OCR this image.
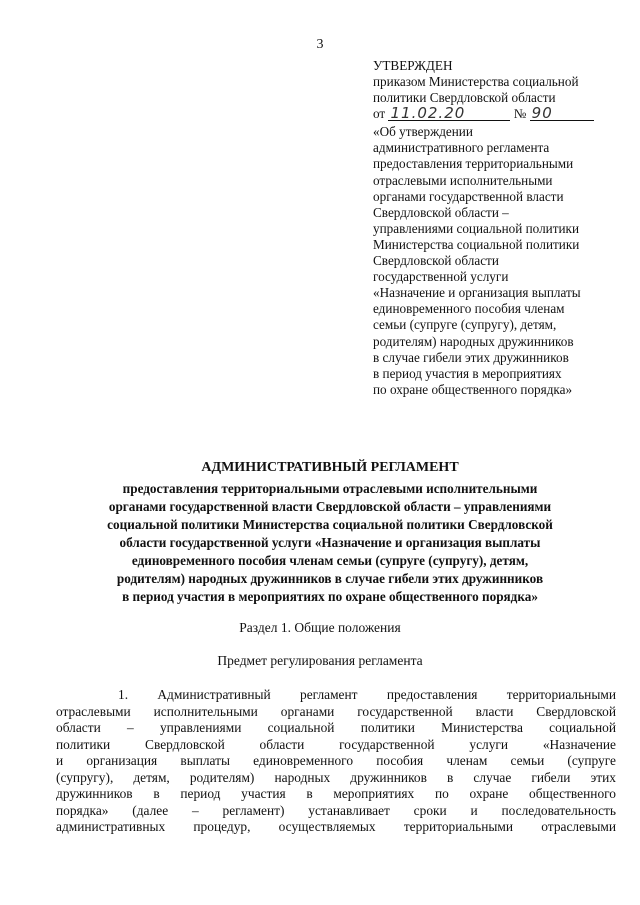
3
УТВЕРЖДЕН
приказом Министерства социальной
политики Свердловской области
от 11.02.20	№ 90
«Об утверждении
административного регламента
предоставления территориальными
отраслевыми исполнительными
органами государственной власти
Свердловской области –
управлениями социальной политики
Министерства социальной политики
Свердловской области
государственной услуги
«Назначение и организация выплаты
единовременного пособия членам
семьи (супруге (супругу), детям,
родителям) народных дружинников
в случае гибели этих дружинников
в период участия в мероприятиях
по охране общественного порядка»
АДМИНИСТРАТИВНЫЙ РЕГЛАМЕНТ
предоставления территориальными отраслевыми исполнительными
органами государственной власти Свердловской области – управлениями
социальной политики Министерства социальной политики Свердловской
области государственной услуги «Назначение и организация выплаты
единовременного пособия членам семьи (супруге (супругу), детям,
родителям) народных дружинников в случае гибели этих дружинников
в период участия в мероприятиях по охране общественного порядка»
Раздел 1. Общие положения
Предмет регулирования регламента
1. Административный регламент предоставления территориальными
отраслевыми исполнительными органами государственной власти Свердловской
области – управлениями социальной политики Министерства социальной
политики Свердловской области государственной услуги «Назначение
и организация выплаты единовременного пособия членам семьи (супруге
(супругу), детям, родителям) народных дружинников в случае гибели этих
дружинников в период участия в мероприятиях по охране общественного
порядка» (далее – регламент) устанавливает сроки и последовательность
административных процедур, осуществляемых территориальными отраслевыми
